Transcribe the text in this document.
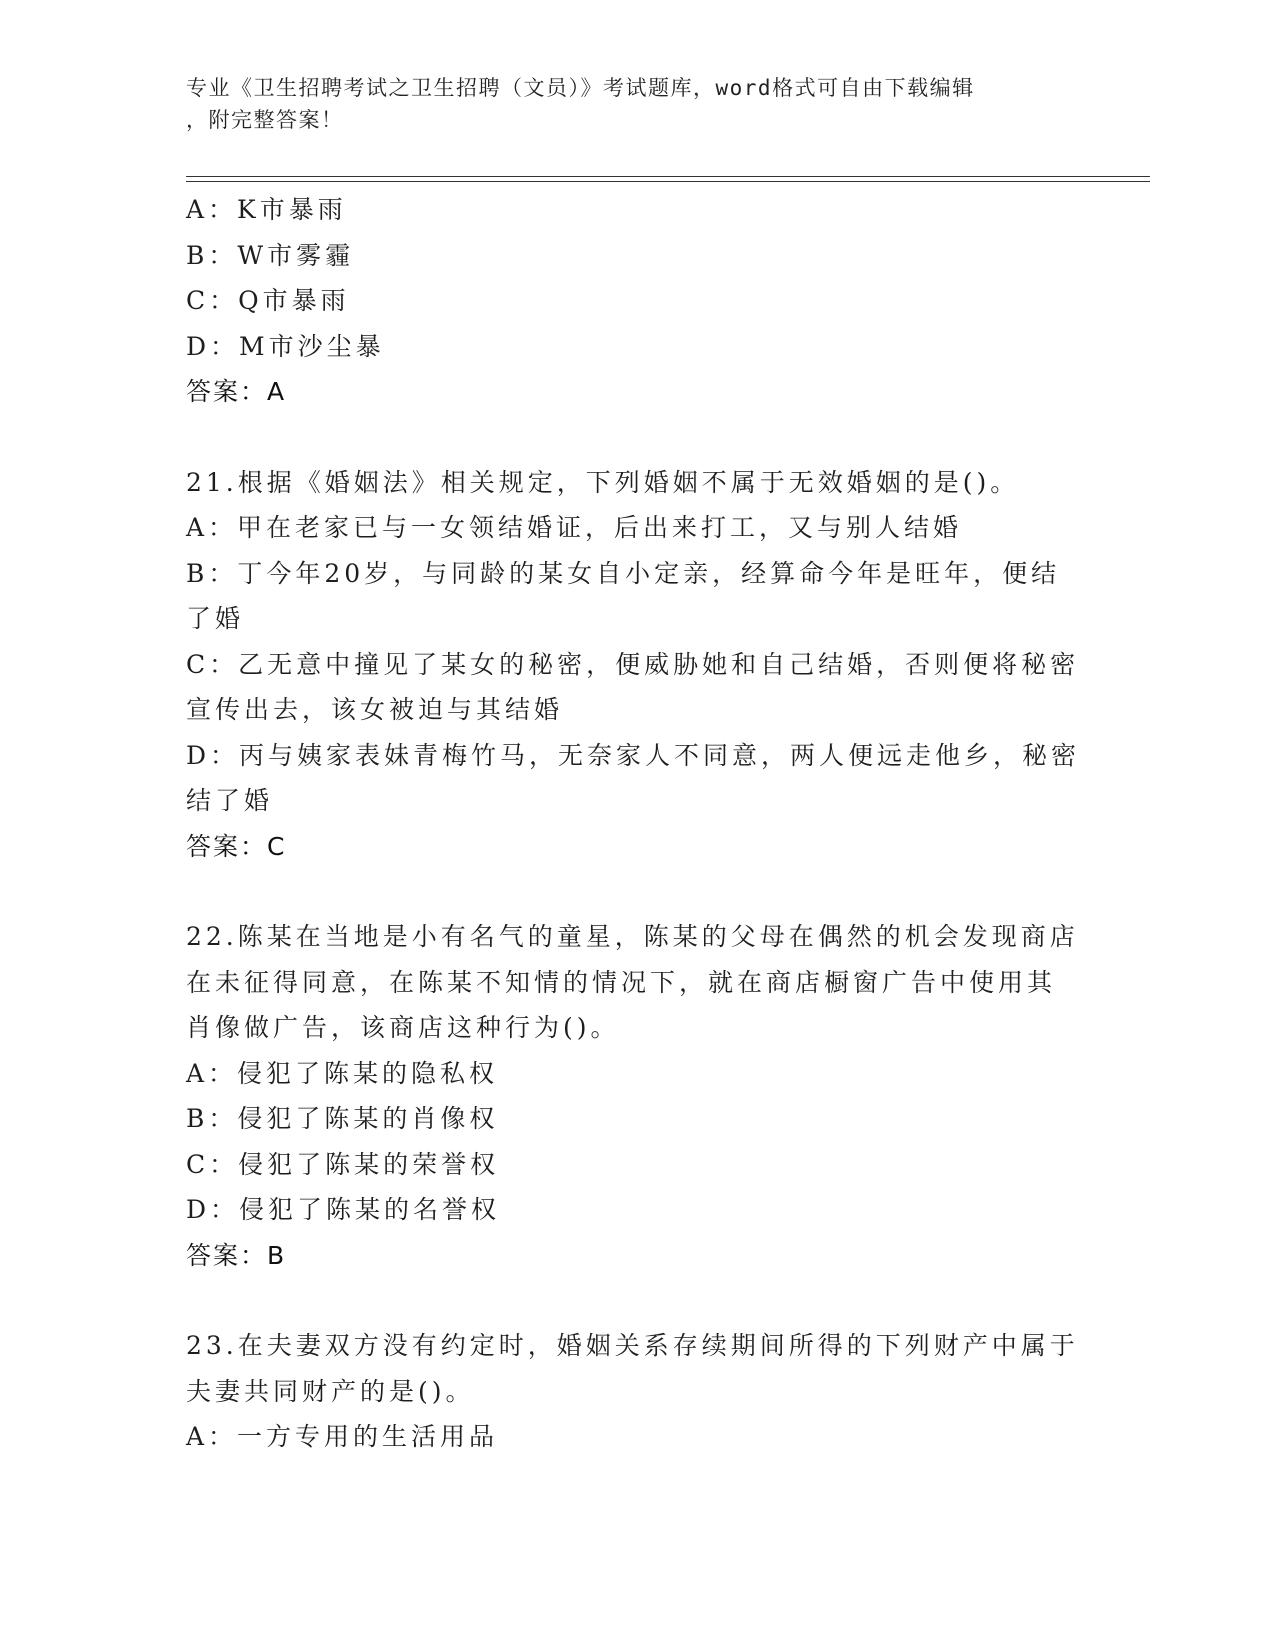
专业《卫生招聘考试之卫生招聘（文员）》考试题库，word格式可自由下载编辑
，附完整答案！
A：K市暴雨
B：W市雾霾
C：Q市暴雨
D：M市沙尘暴
答案：A
21.根据《婚姻法》相关规定，下列婚姻不属于无效婚姻的是()。
A：甲在老家已与一女领结婚证，后出来打工，又与别人结婚
B：丁今年20岁，与同龄的某女自小定亲，经算命今年是旺年，便结
了婚
C：乙无意中撞见了某女的秘密，便威胁她和自己结婚，否则便将秘密
宣传出去，该女被迫与其结婚
D：丙与姨家表妹青梅竹马，无奈家人不同意，两人便远走他乡，秘密
结了婚
答案：C
22.陈某在当地是小有名气的童星，陈某的父母在偶然的机会发现商店
在未征得同意，在陈某不知情的情况下，就在商店橱窗广告中使用其
肖像做广告，该商店这种行为()。
A：侵犯了陈某的隐私权
B：侵犯了陈某的肖像权
C：侵犯了陈某的荣誉权
D：侵犯了陈某的名誉权
答案：B
23.在夫妻双方没有约定时，婚姻关系存续期间所得的下列财产中属于
夫妻共同财产的是()。
A：一方专用的生活用品
